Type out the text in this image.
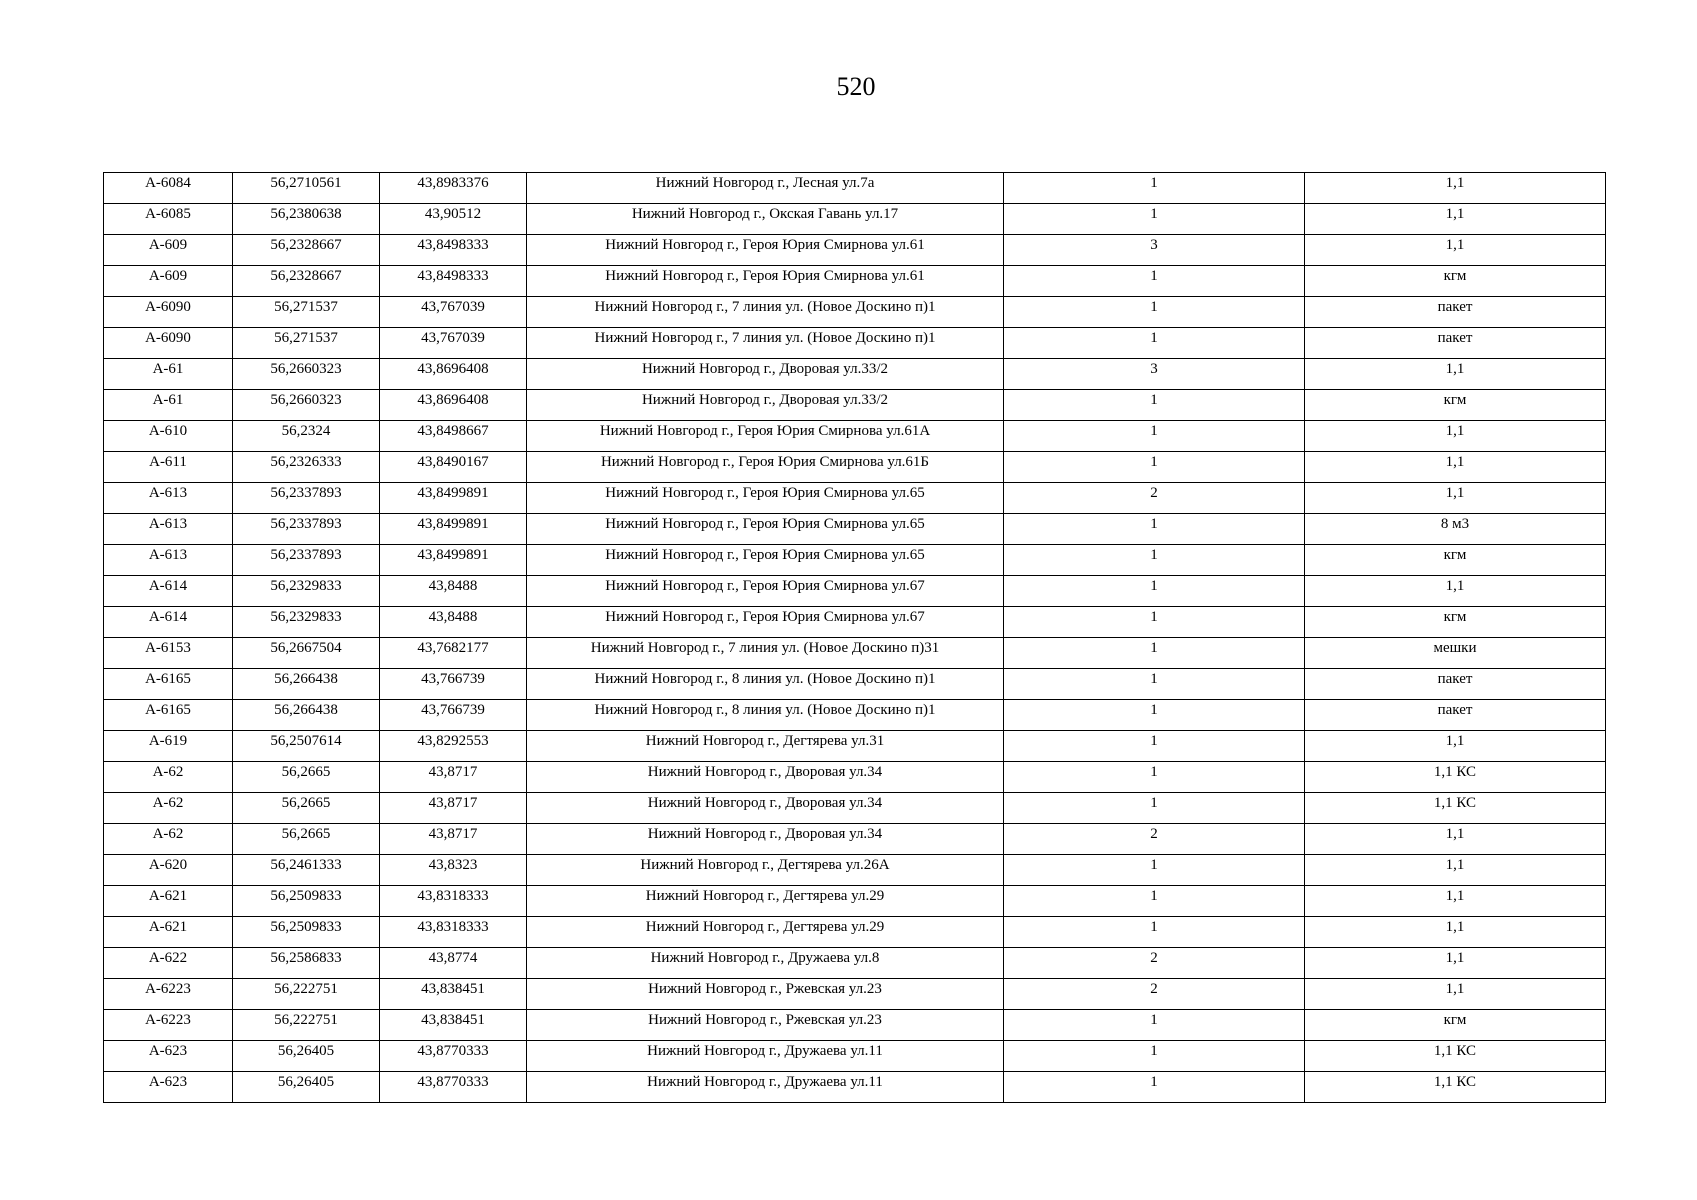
520
А-6084	56,2710561	43,8983376	Нижний Новгород г., Лесная ул.7а	1	1,1
А-6085	56,2380638	43,90512	Нижний Новгород г., Окская Гавань ул.17	1	1,1
А-609	56,2328667	43,8498333	Нижний Новгород г., Героя Юрия Смирнова ул.61	3	1,1
А-609	56,2328667	43,8498333	Нижний Новгород г., Героя Юрия Смирнова ул.61	1	кгм
А-6090	56,271537	43,767039	Нижний Новгород г., 7 линия ул. (Новое Доскино п)1	1	пакет
А-6090	56,271537	43,767039	Нижний Новгород г., 7 линия ул. (Новое Доскино п)1	1	пакет
А-61	56,2660323	43,8696408	Нижний Новгород г., Дворовая ул.33/2	3	1,1
А-61	56,2660323	43,8696408	Нижний Новгород г., Дворовая ул.33/2	1	кгм
А-610	56,2324	43,8498667	Нижний Новгород г., Героя Юрия Смирнова ул.61А	1	1,1
А-611	56,2326333	43,8490167	Нижний Новгород г., Героя Юрия Смирнова ул.61Б	1	1,1
А-613	56,2337893	43,8499891	Нижний Новгород г., Героя Юрия Смирнова ул.65	2	1,1
А-613	56,2337893	43,8499891	Нижний Новгород г., Героя Юрия Смирнова ул.65	1	8 м3
А-613	56,2337893	43,8499891	Нижний Новгород г., Героя Юрия Смирнова ул.65	1	кгм
А-614	56,2329833	43,8488	Нижний Новгород г., Героя Юрия Смирнова ул.67	1	1,1
А-614	56,2329833	43,8488	Нижний Новгород г., Героя Юрия Смирнова ул.67	1	кгм
А-6153	56,2667504	43,7682177	Нижний Новгород г., 7 линия ул. (Новое Доскино п)31	1	мешки
А-6165	56,266438	43,766739	Нижний Новгород г., 8 линия ул. (Новое Доскино п)1	1	пакет
А-6165	56,266438	43,766739	Нижний Новгород г., 8 линия ул. (Новое Доскино п)1	1	пакет
А-619	56,2507614	43,8292553	Нижний Новгород г., Дегтярева ул.31	1	1,1
А-62	56,2665	43,8717	Нижний Новгород г., Дворовая ул.34	1	1,1 КС
А-62	56,2665	43,8717	Нижний Новгород г., Дворовая ул.34	1	1,1 КС
А-62	56,2665	43,8717	Нижний Новгород г., Дворовая ул.34	2	1,1
А-620	56,2461333	43,8323	Нижний Новгород г., Дегтярева ул.26А	1	1,1
А-621	56,2509833	43,8318333	Нижний Новгород г., Дегтярева ул.29	1	1,1
А-621	56,2509833	43,8318333	Нижний Новгород г., Дегтярева ул.29	1	1,1
А-622	56,2586833	43,8774	Нижний Новгород г., Дружаева ул.8	2	1,1
А-6223	56,222751	43,838451	Нижний Новгород г., Ржевская ул.23	2	1,1
А-6223	56,222751	43,838451	Нижний Новгород г., Ржевская ул.23	1	кгм
А-623	56,26405	43,8770333	Нижний Новгород г., Дружаева ул.11	1	1,1 КС
А-623	56,26405	43,8770333	Нижний Новгород г., Дружаева ул.11	1	1,1 КС
